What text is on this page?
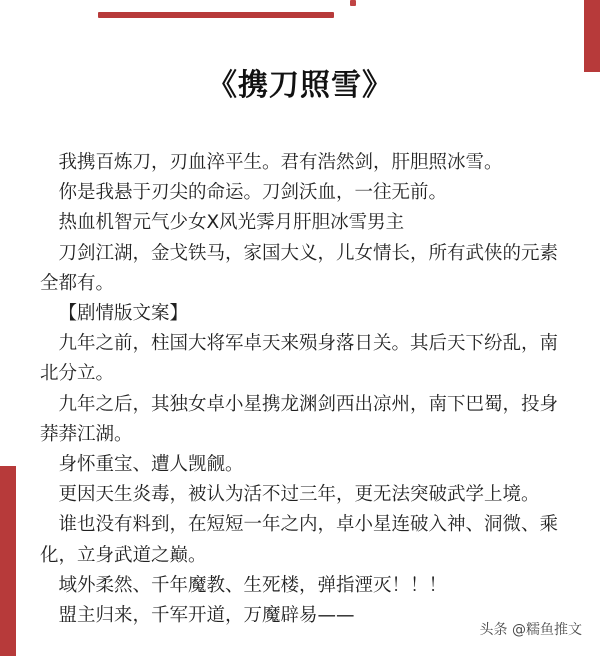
《携刀照雪》

我携百炼刀，刃血淬平生。君有浩然剑，肝胆照冰雪。

你是我悬于刃尖的命运。刀剑沃血，一往无前。

热血机智元气少女X风光霁月肝胆冰雪男主

刀剑江湖，金戈铁马，家国大义，儿女情长，所有武侠的元素全都有。

【剧情版文案】

九年之前，柱国大将军卓天来殒身落日关。其后天下纷乱，南北分立。

九年之后，其独女卓小星携龙渊剑西出凉州，南下巴蜀，投身莽莽江湖。

身怀重宝、遭人觊觎。

更因天生炎毒，被认为活不过三年，更无法突破武学上境。

谁也没有料到，在短短一年之内，卓小星连破入神、洞微、乘化，立身武道之巅。

域外柔然、千年魔教、生死楼，弹指湮灭！！！

盟主归来，千军开道，万魔辟易——

头条 @糯鱼推文
